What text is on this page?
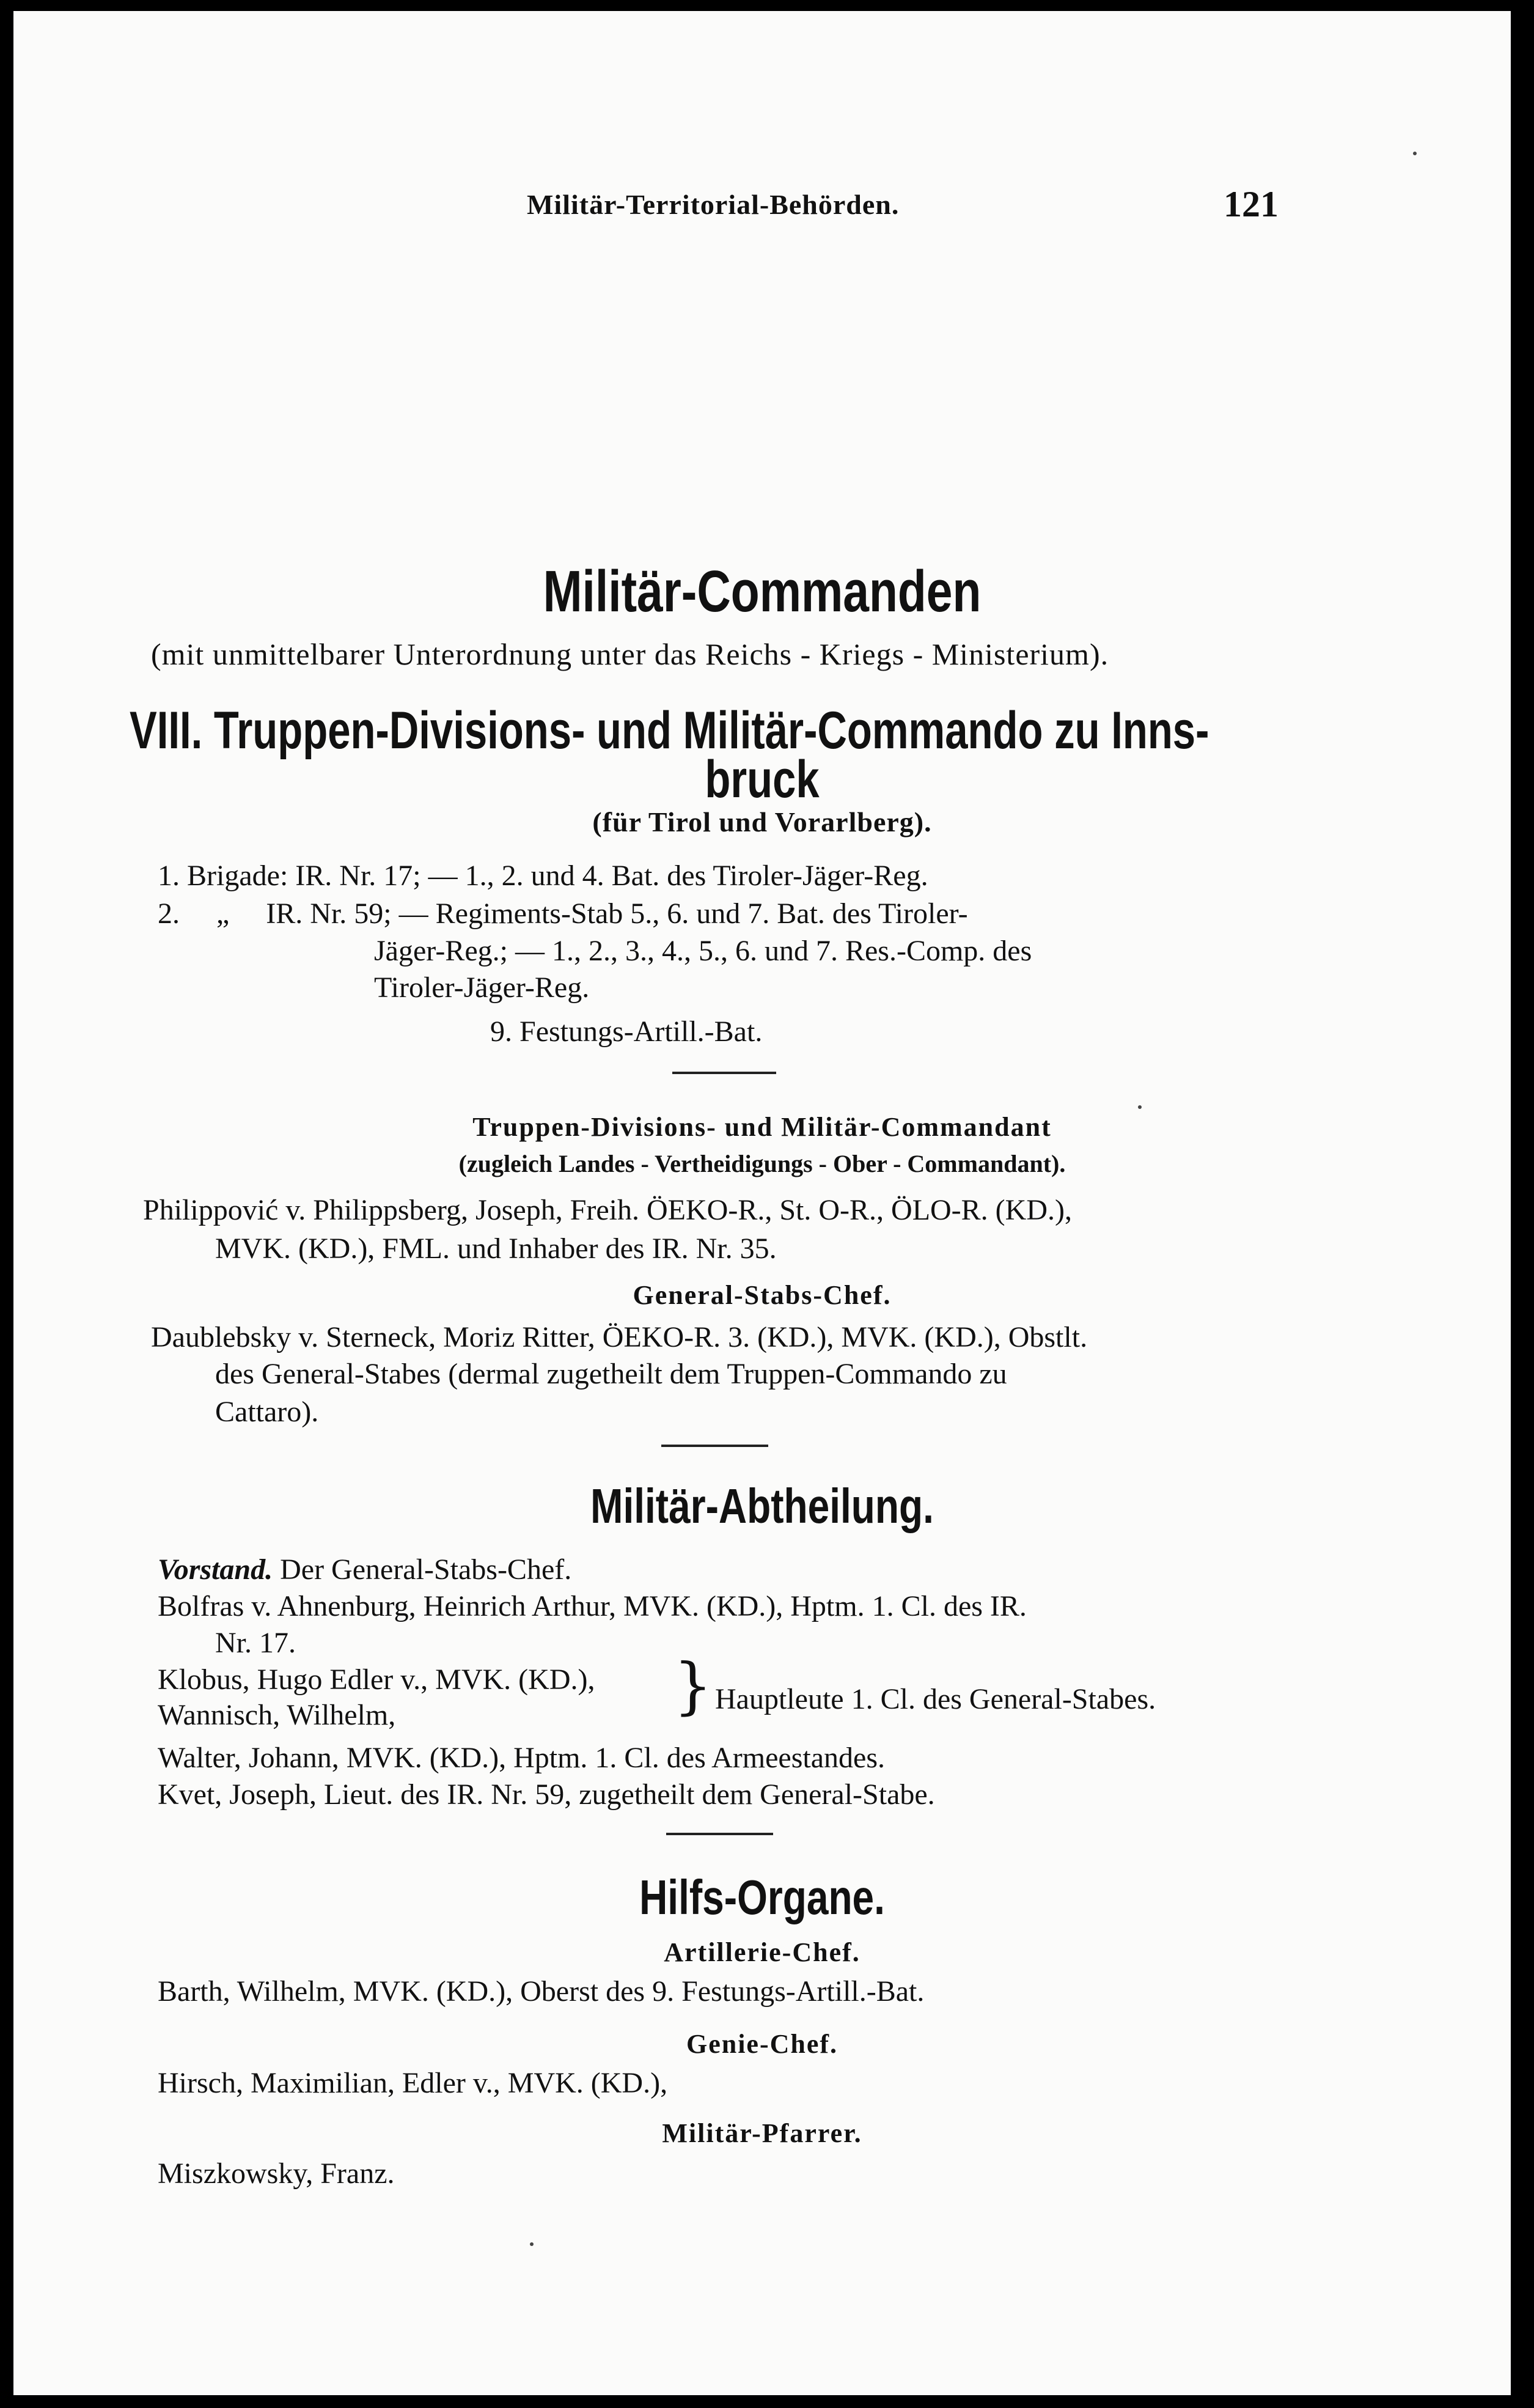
Militär-Territorial-Behörden.	121
Militär-Commanden
(mit unmittelbarer Unterordnung unter das Reichs - Kriegs - Ministerium).
VIII. Truppen-Divisions- und Militär-Commando zu Inns-
bruck
(für Tirol und Vorarlberg).
1. Brigade: IR. Nr. 17; — 1., 2. und 4. Bat. des Tiroler-Jäger-Reg.
2.     „     IR. Nr. 59; — Regiments-Stab 5., 6. und 7. Bat. des Tiroler-
Jäger-Reg.; — 1., 2., 3., 4., 5., 6. und 7. Res.-Comp. des
Tiroler-Jäger-Reg.
9. Festungs-Artill.-Bat.
Truppen-Divisions- und Militär-Commandant
(zugleich Landes - Vertheidigungs - Ober - Commandant).
Philippović v. Philippsberg, Joseph, Freih. ÖEKO-R., St. O-R., ÖLO-R. (KD.),
MVK. (KD.), FML. und Inhaber des IR. Nr. 35.
General-Stabs-Chef.
Daublebsky v. Sterneck, Moriz Ritter, ÖEKO-R. 3. (KD.), MVK. (KD.), Obstlt.
des General-Stabes (dermal zugetheilt dem Truppen-Commando zu
Cattaro).
Militär-Abtheilung.
Vorstand. Der General-Stabs-Chef.
Bolfras v. Ahnenburg, Heinrich Arthur, MVK. (KD.), Hptm. 1. Cl. des IR.
Nr. 17.
Klobus, Hugo Edler v., MVK. (KD.),
Wannisch, Wilhelm,	} Hauptleute 1. Cl. des General-Stabes.
Walter, Johann, MVK. (KD.), Hptm. 1. Cl. des Armeestandes.
Kvet, Joseph, Lieut. des IR. Nr. 59, zugetheilt dem General-Stabe.
Hilfs-Organe.
Artillerie-Chef.
Barth, Wilhelm, MVK. (KD.), Oberst des 9. Festungs-Artill.-Bat.
Genie-Chef.
Hirsch, Maximilian, Edler v., MVK. (KD.),
Militär-Pfarrer.
Miszkowsky, Franz.
